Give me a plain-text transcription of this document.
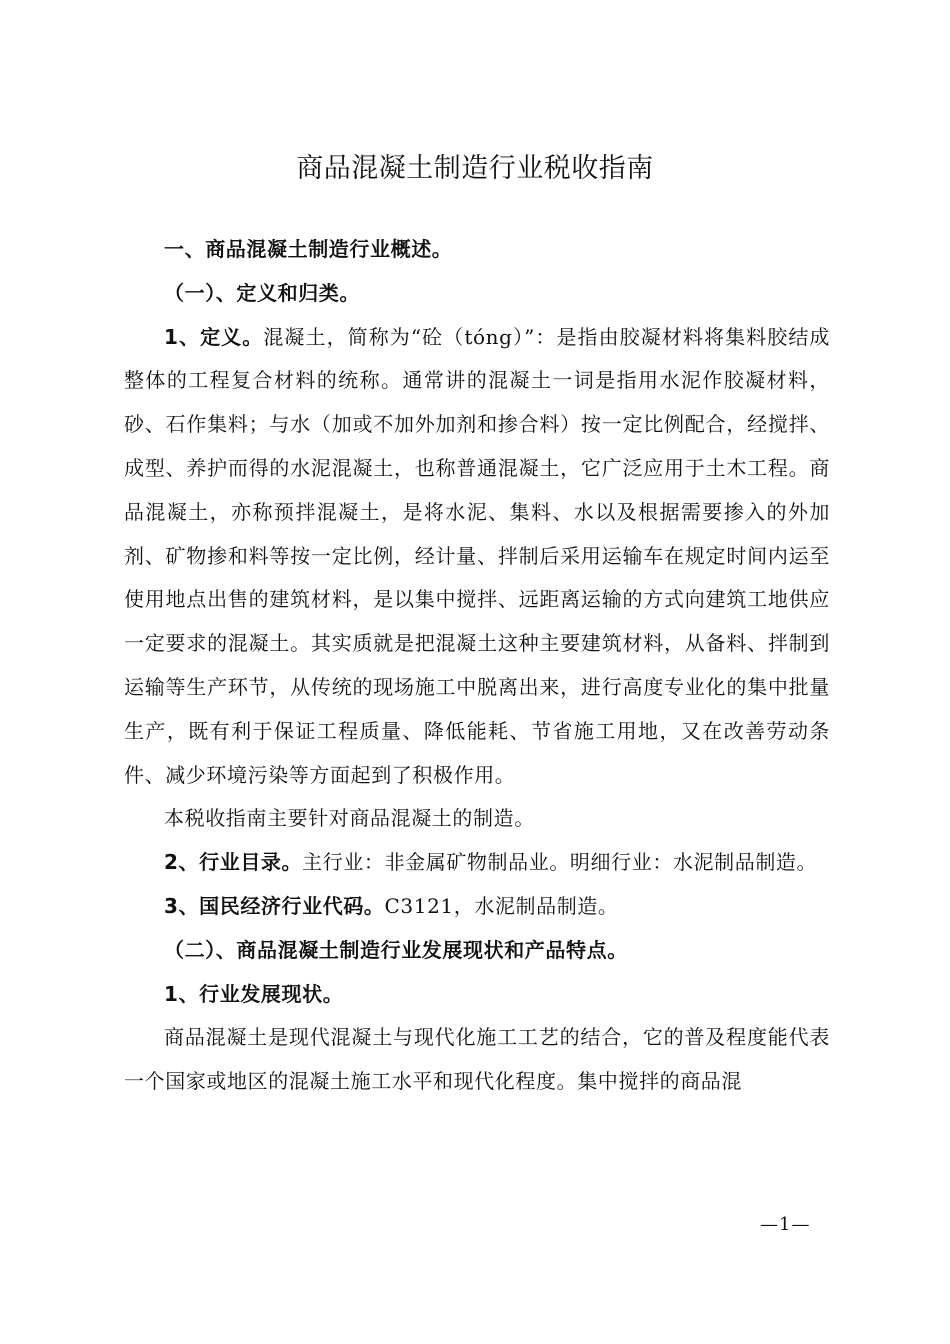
商品混凝土制造行业税收指南

一、商品混凝土制造行业概述。

（一）、定义和归类。

1、定义。混凝土，简称为“砼（tóng）”：是指由胶凝材料将集料胶结成整体的工程复合材料的统称。通常讲的混凝土一词是指用水泥作胶凝材料，砂、石作集料；与水（加或不加外加剂和掺合料）按一定比例配合，经搅拌、成型、养护而得的水泥混凝土，也称普通混凝土，它广泛应用于土木工程。商品混凝土，亦称预拌混凝土，是将水泥、集料、水以及根据需要掺入的外加剂、矿物掺和料等按一定比例，经计量、拌制后采用运输车在规定时间内运至使用地点出售的建筑材料，是以集中搅拌、远距离运输的方式向建筑工地供应一定要求的混凝土。其实质就是把混凝土这种主要建筑材料，从备料、拌制到运输等生产环节，从传统的现场施工中脱离出来，进行高度专业化的集中批量生产，既有利于保证工程质量、降低能耗、节省施工用地，又在改善劳动条件、减少环境污染等方面起到了积极作用。

本税收指南主要针对商品混凝土的制造。

2、行业目录。主行业：非金属矿物制品业。明细行业：水泥制品制造。

3、国民经济行业代码。C3121，水泥制品制造。

（二）、商品混凝土制造行业发展现状和产品特点。

1、行业发展现状。

商品混凝土是现代混凝土与现代化施工工艺的结合，它的普及程度能代表一个国家或地区的混凝土施工水平和现代化程度。集中搅拌的商品混

—1—
